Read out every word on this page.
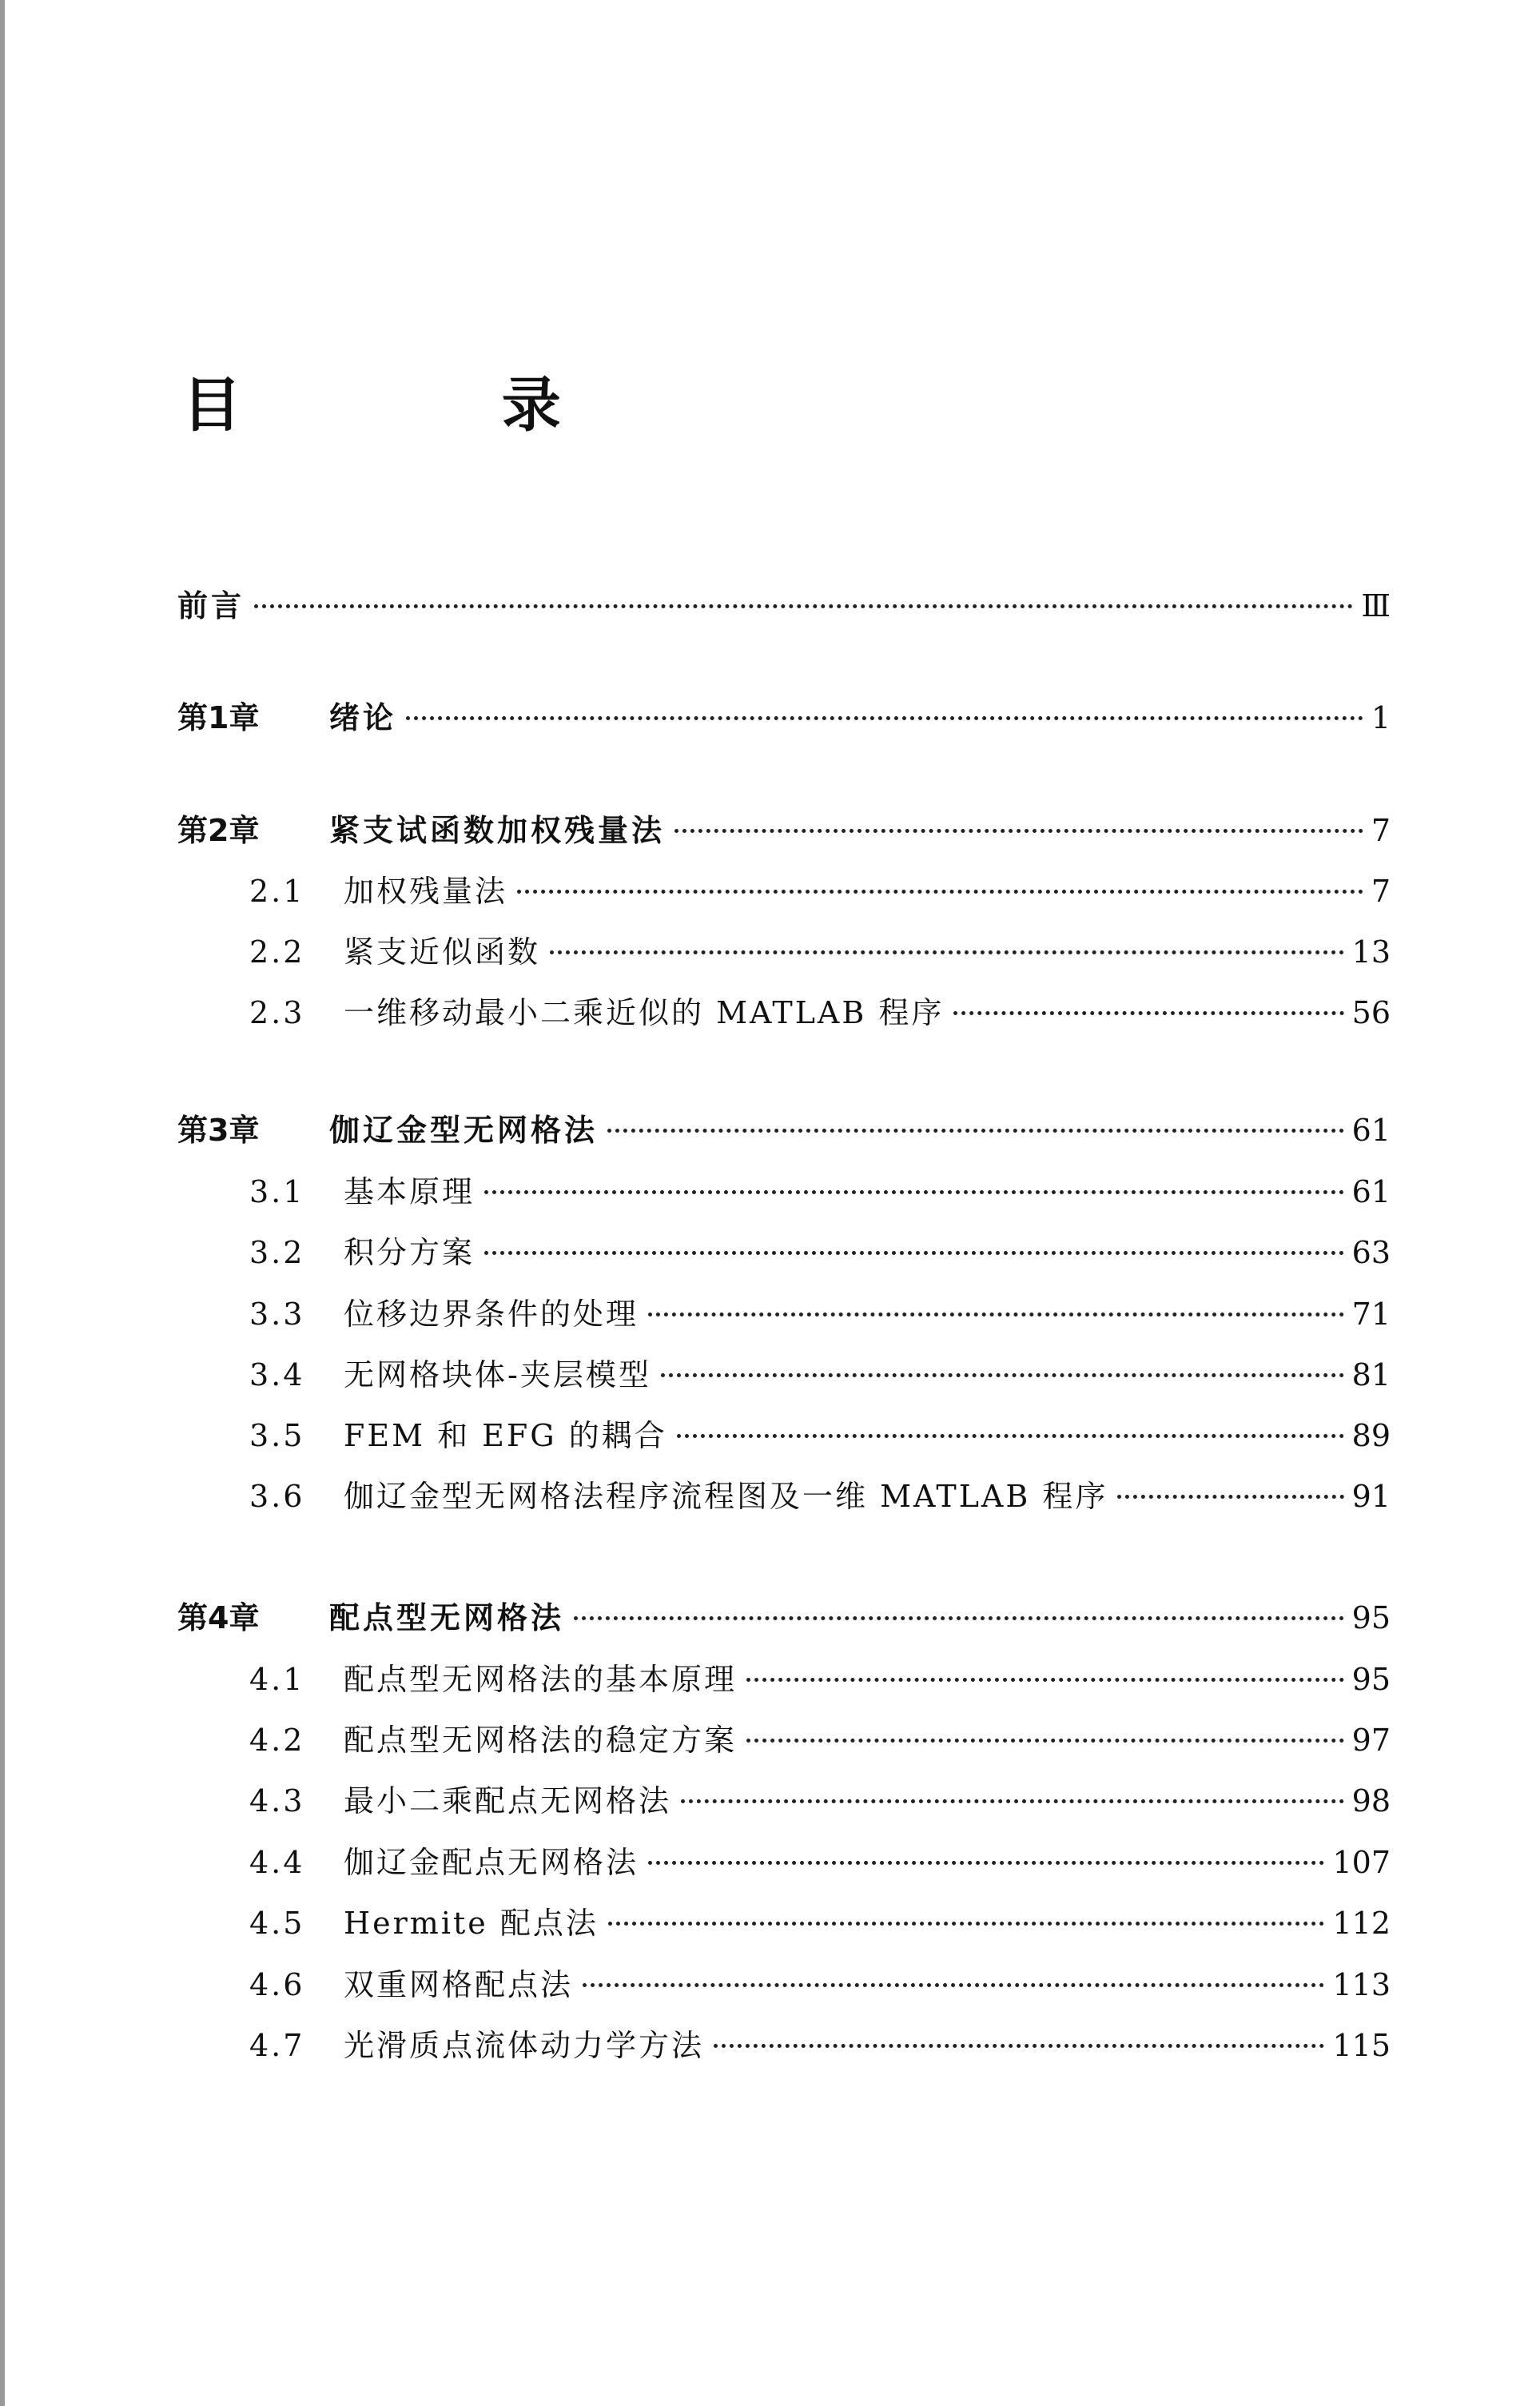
目 录
前言	Ⅲ
第1章	绪论	1
第2章	紧支试函数加权残量法	7
2.1	加权残量法	7
2.2	紧支近似函数	13
2.3	一维移动最小二乘近似的 MATLAB 程序	56
第3章	伽辽金型无网格法	61
3.1	基本原理	61
3.2	积分方案	63
3.3	位移边界条件的处理	71
3.4	无网格块体-夹层模型	81
3.5	FEM 和 EFG 的耦合	89
3.6	伽辽金型无网格法程序流程图及一维 MATLAB 程序	91
第4章	配点型无网格法	95
4.1	配点型无网格法的基本原理	95
4.2	配点型无网格法的稳定方案	97
4.3	最小二乘配点无网格法	98
4.4	伽辽金配点无网格法	107
4.5	Hermite 配点法	112
4.6	双重网格配点法	113
4.7	光滑质点流体动力学方法	115
